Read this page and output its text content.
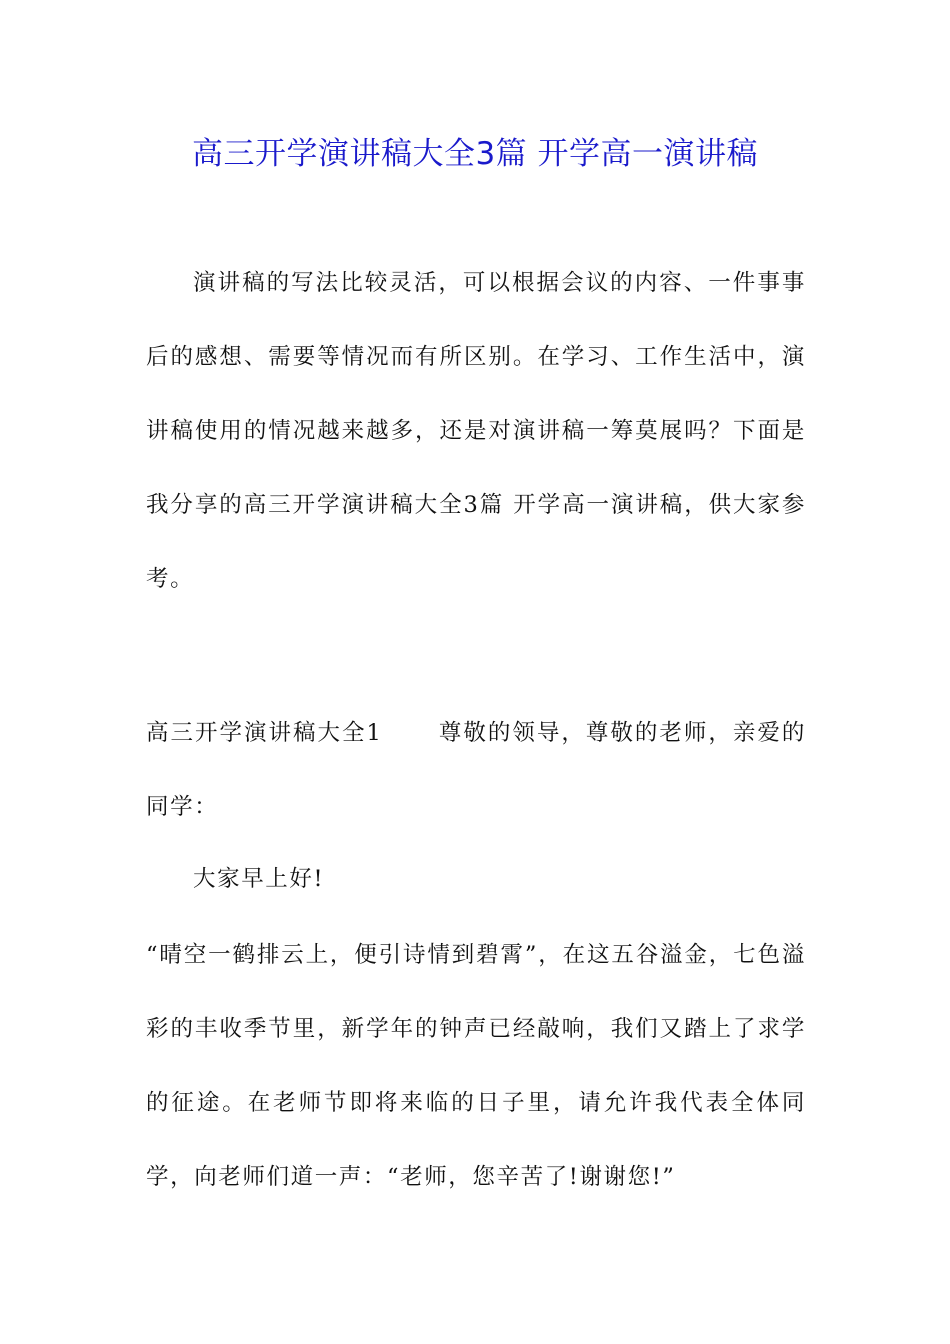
高三开学演讲稿大全3篇 开学高一演讲稿

演讲稿的写法比较灵活，可以根据会议的内容、一件事事后的感想、需要等情况而有所区别。在学习、工作生活中，演讲稿使用的情况越来越多，还是对演讲稿一筹莫展吗？下面是我分享的高三开学演讲稿大全3篇 开学高一演讲稿，供大家参考。

高三开学演讲稿大全1 尊敬的领导，尊敬的老师，亲爱的同学：

大家早上好!

“晴空一鹤排云上，便引诗情到碧霄”，在这五谷溢金，七色溢彩的丰收季节里，新学年的钟声已经敲响，我们又踏上了求学的征途。在老师节即将来临的日子里，请允许我代表全体同学，向老师们道一声：“老师，您辛苦了!谢谢您!”
